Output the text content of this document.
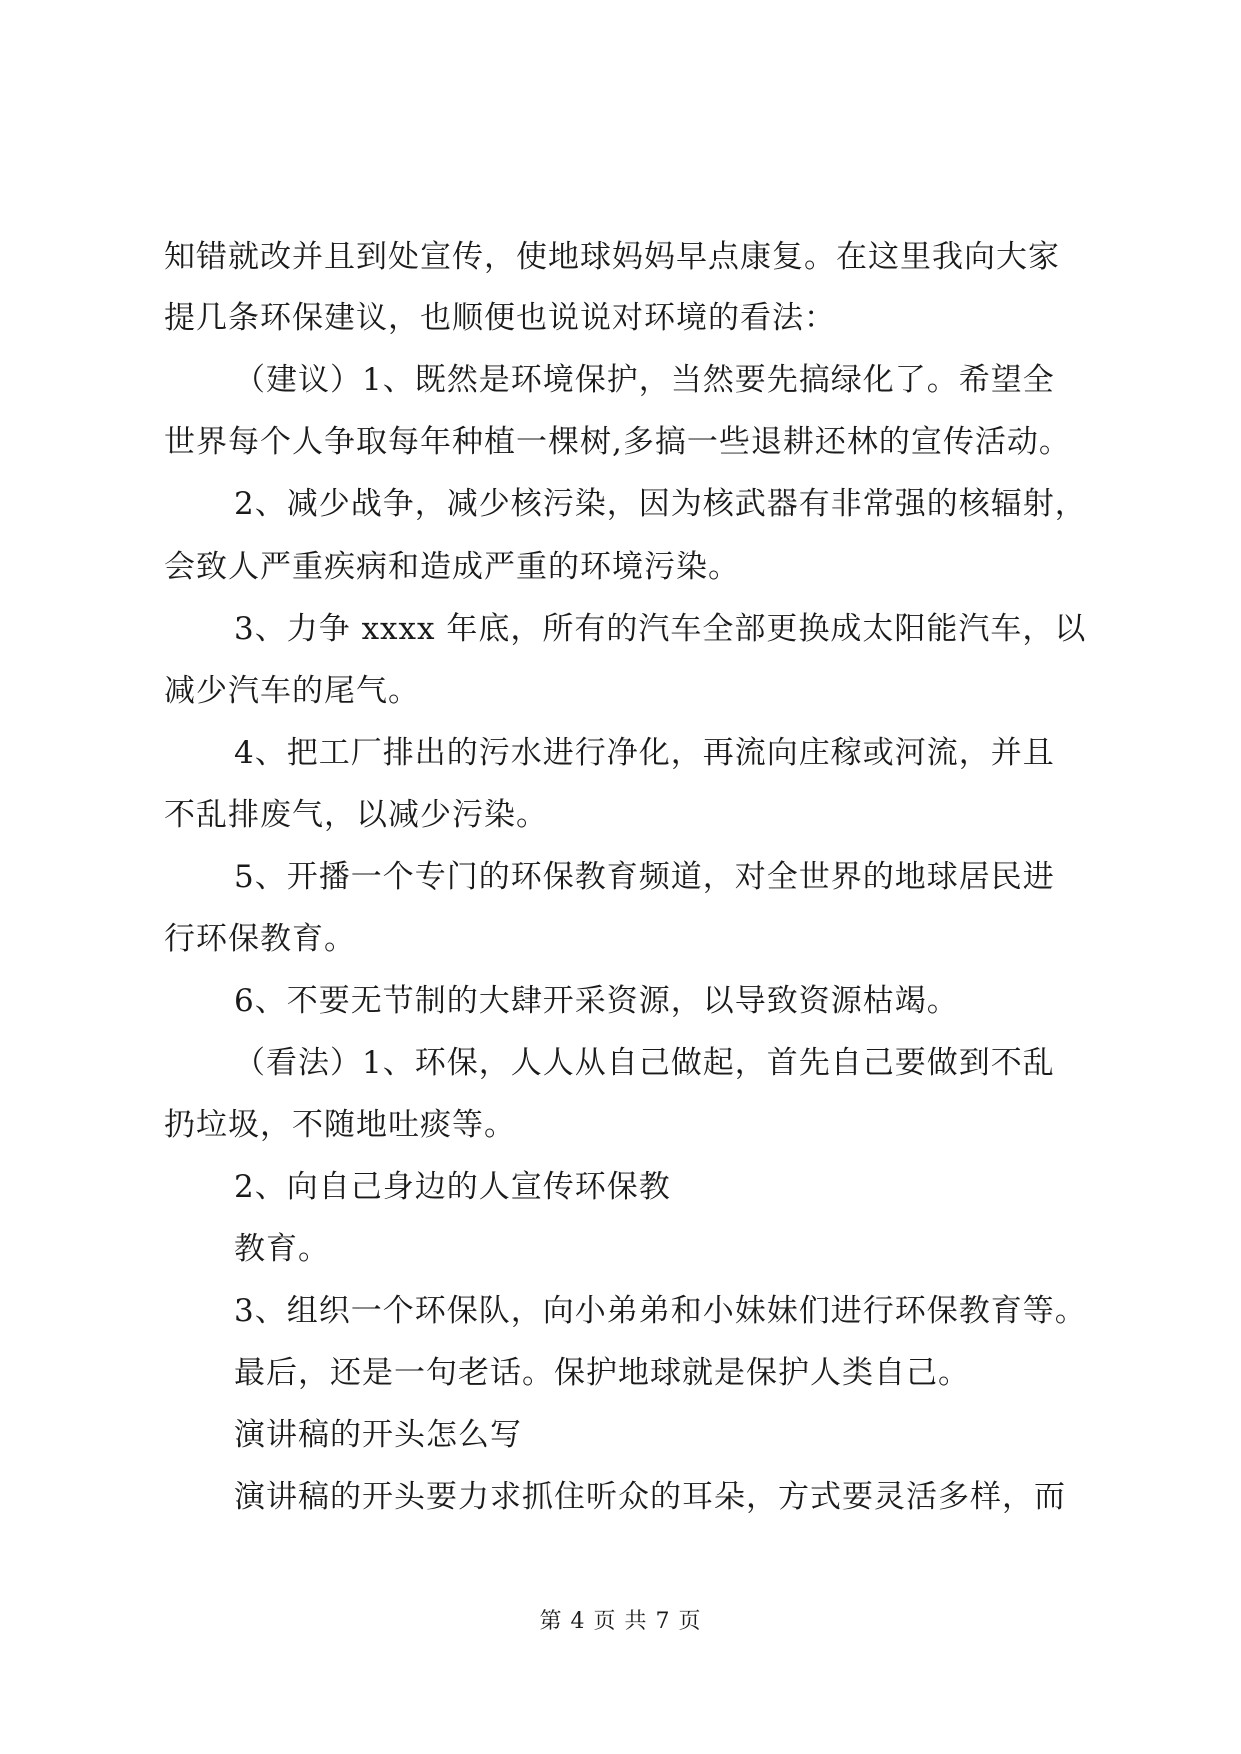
知错就改并且到处宣传，使地球妈妈早点康复。在这里我向大家
提几条环保建议，也顺便也说说对环境的看法：
（建议）1、既然是环境保护，当然要先搞绿化了。希望全
世界每个人争取每年种植一棵树,多搞一些退耕还林的宣传活动。
2、减少战争，减少核污染，因为核武器有非常强的核辐射，
会致人严重疾病和造成严重的环境污染。
3、力争 xxxx 年底，所有的汽车全部更换成太阳能汽车，以
减少汽车的尾气。
4、把工厂排出的污水进行净化，再流向庄稼或河流，并且
不乱排废气，以减少污染。
5、开播一个专门的环保教育频道，对全世界的地球居民进
行环保教育。
6、不要无节制的大肆开采资源，以导致资源枯竭。
（看法）1、环保，人人从自己做起，首先自己要做到不乱
扔垃圾，不随地吐痰等。
2、向自己身边的人宣传环保教
教育。
3、组织一个环保队，向小弟弟和小妹妹们进行环保教育等。
最后，还是一句老话。保护地球就是保护人类自己。
演讲稿的开头怎么写
演讲稿的开头要力求抓住听众的耳朵，方式要灵活多样，而
第 4 页 共 7 页
